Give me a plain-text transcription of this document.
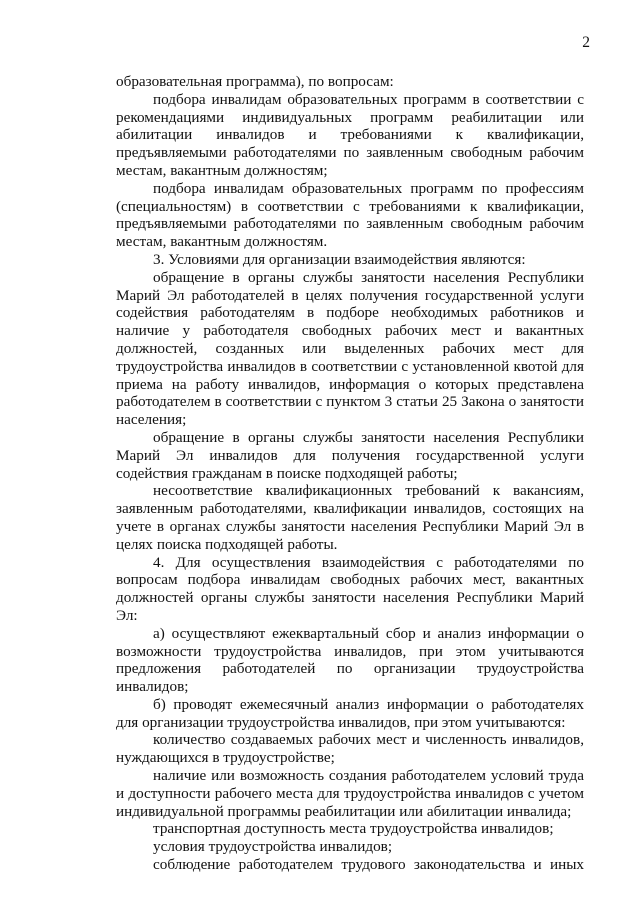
2

образовательная программа), по вопросам:

подбора инвалидам образовательных программ в соответствии с рекомендациями индивидуальных программ реабилитации или абилитации инвалидов и требованиями к квалификации, предъявляемыми работодателями по заявленным свободным рабочим местам, вакантным должностям;

подбора инвалидам образовательных программ по профессиям (специальностям) в соответствии с требованиями к квалификации, предъявляемыми работодателями по заявленным свободным рабочим местам, вакантным должностям.

3. Условиями для организации взаимодействия являются:

обращение в органы службы занятости населения Республики Марий Эл работодателей в целях получения государственной услуги содействия работодателям в подборе необходимых работников и наличие у работодателя свободных рабочих мест и вакантных должностей, созданных или выделенных рабочих мест для трудоустройства инвалидов в соответствии с установленной квотой для приема на работу инвалидов, информация о которых представлена работодателем в соответствии с пунктом 3 статьи 25 Закона о занятости населения;

обращение в органы службы занятости населения Республики Марий Эл инвалидов для получения государственной услуги содействия гражданам в поиске подходящей работы;

несоответствие квалификационных требований к вакансиям, заявленным работодателями, квалификации инвалидов, состоящих на учете в органах службы занятости населения Республики Марий Эл в целях поиска подходящей работы.

4. Для осуществления взаимодействия с работодателями по вопросам подбора инвалидам свободных рабочих мест, вакантных должностей органы службы занятости населения Республики Марий Эл:

а) осуществляют ежеквартальный сбор и анализ информации о возможности трудоустройства инвалидов, при этом учитываются предложения работодателей по организации трудоустройства инвалидов;

б) проводят ежемесячный анализ информации о работодателях для организации трудоустройства инвалидов, при этом учитываются:

количество создаваемых рабочих мест и численность инвалидов, нуждающихся в трудоустройстве;

наличие или возможность создания работодателем условий труда и доступности рабочего места для трудоустройства инвалидов с учетом индивидуальной программы реабилитации или абилитации инвалида;

транспортная доступность места трудоустройства инвалидов;

условия трудоустройства инвалидов;

соблюдение работодателем трудового законодательства и иных
